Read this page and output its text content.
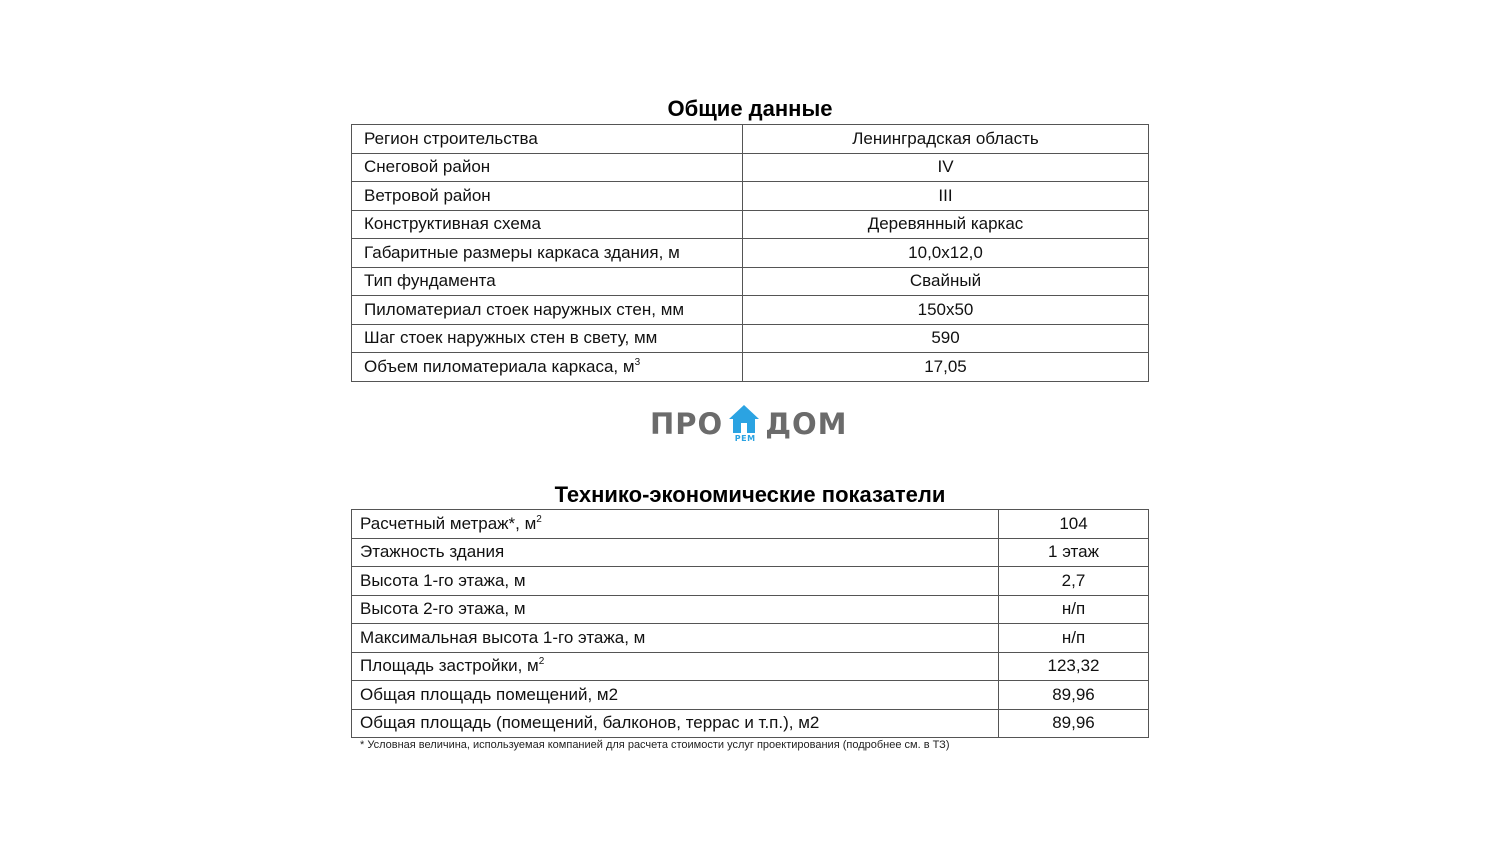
Общие данные
Регион строительства	Ленинградская область
Снеговой район	IV
Ветровой район	III
Конструктивная схема	Деревянный каркас
Габаритные размеры каркаса здания, м	10,0x12,0
Тип фундамента	Свайный
Пиломатериал стоек наружных стен, мм	150x50
Шаг стоек наружных стен в свету, мм	590
Объем пиломатериала каркаса, $м^3$	17,05
ПРО	РЕМ ДОМ
Технико-экономические показатели
Расчетный метраж*, $м^2$	104
Этажность здания	1 этаж
Высота 1-го этажа, м	2,7
Высота 2-го этажа, м	н/п
Максимальная высота 1-го этажа, м	н/п
Площадь застройки, $м^2$	123,32
Общая площадь помещений, м2	89,96
Общая площадь (помещений, балконов, террас и т.п.), м2	89,96
* Условная величина, используемая компанией для расчета стоимости услуг проектирования (подробнее см. в ТЗ)
